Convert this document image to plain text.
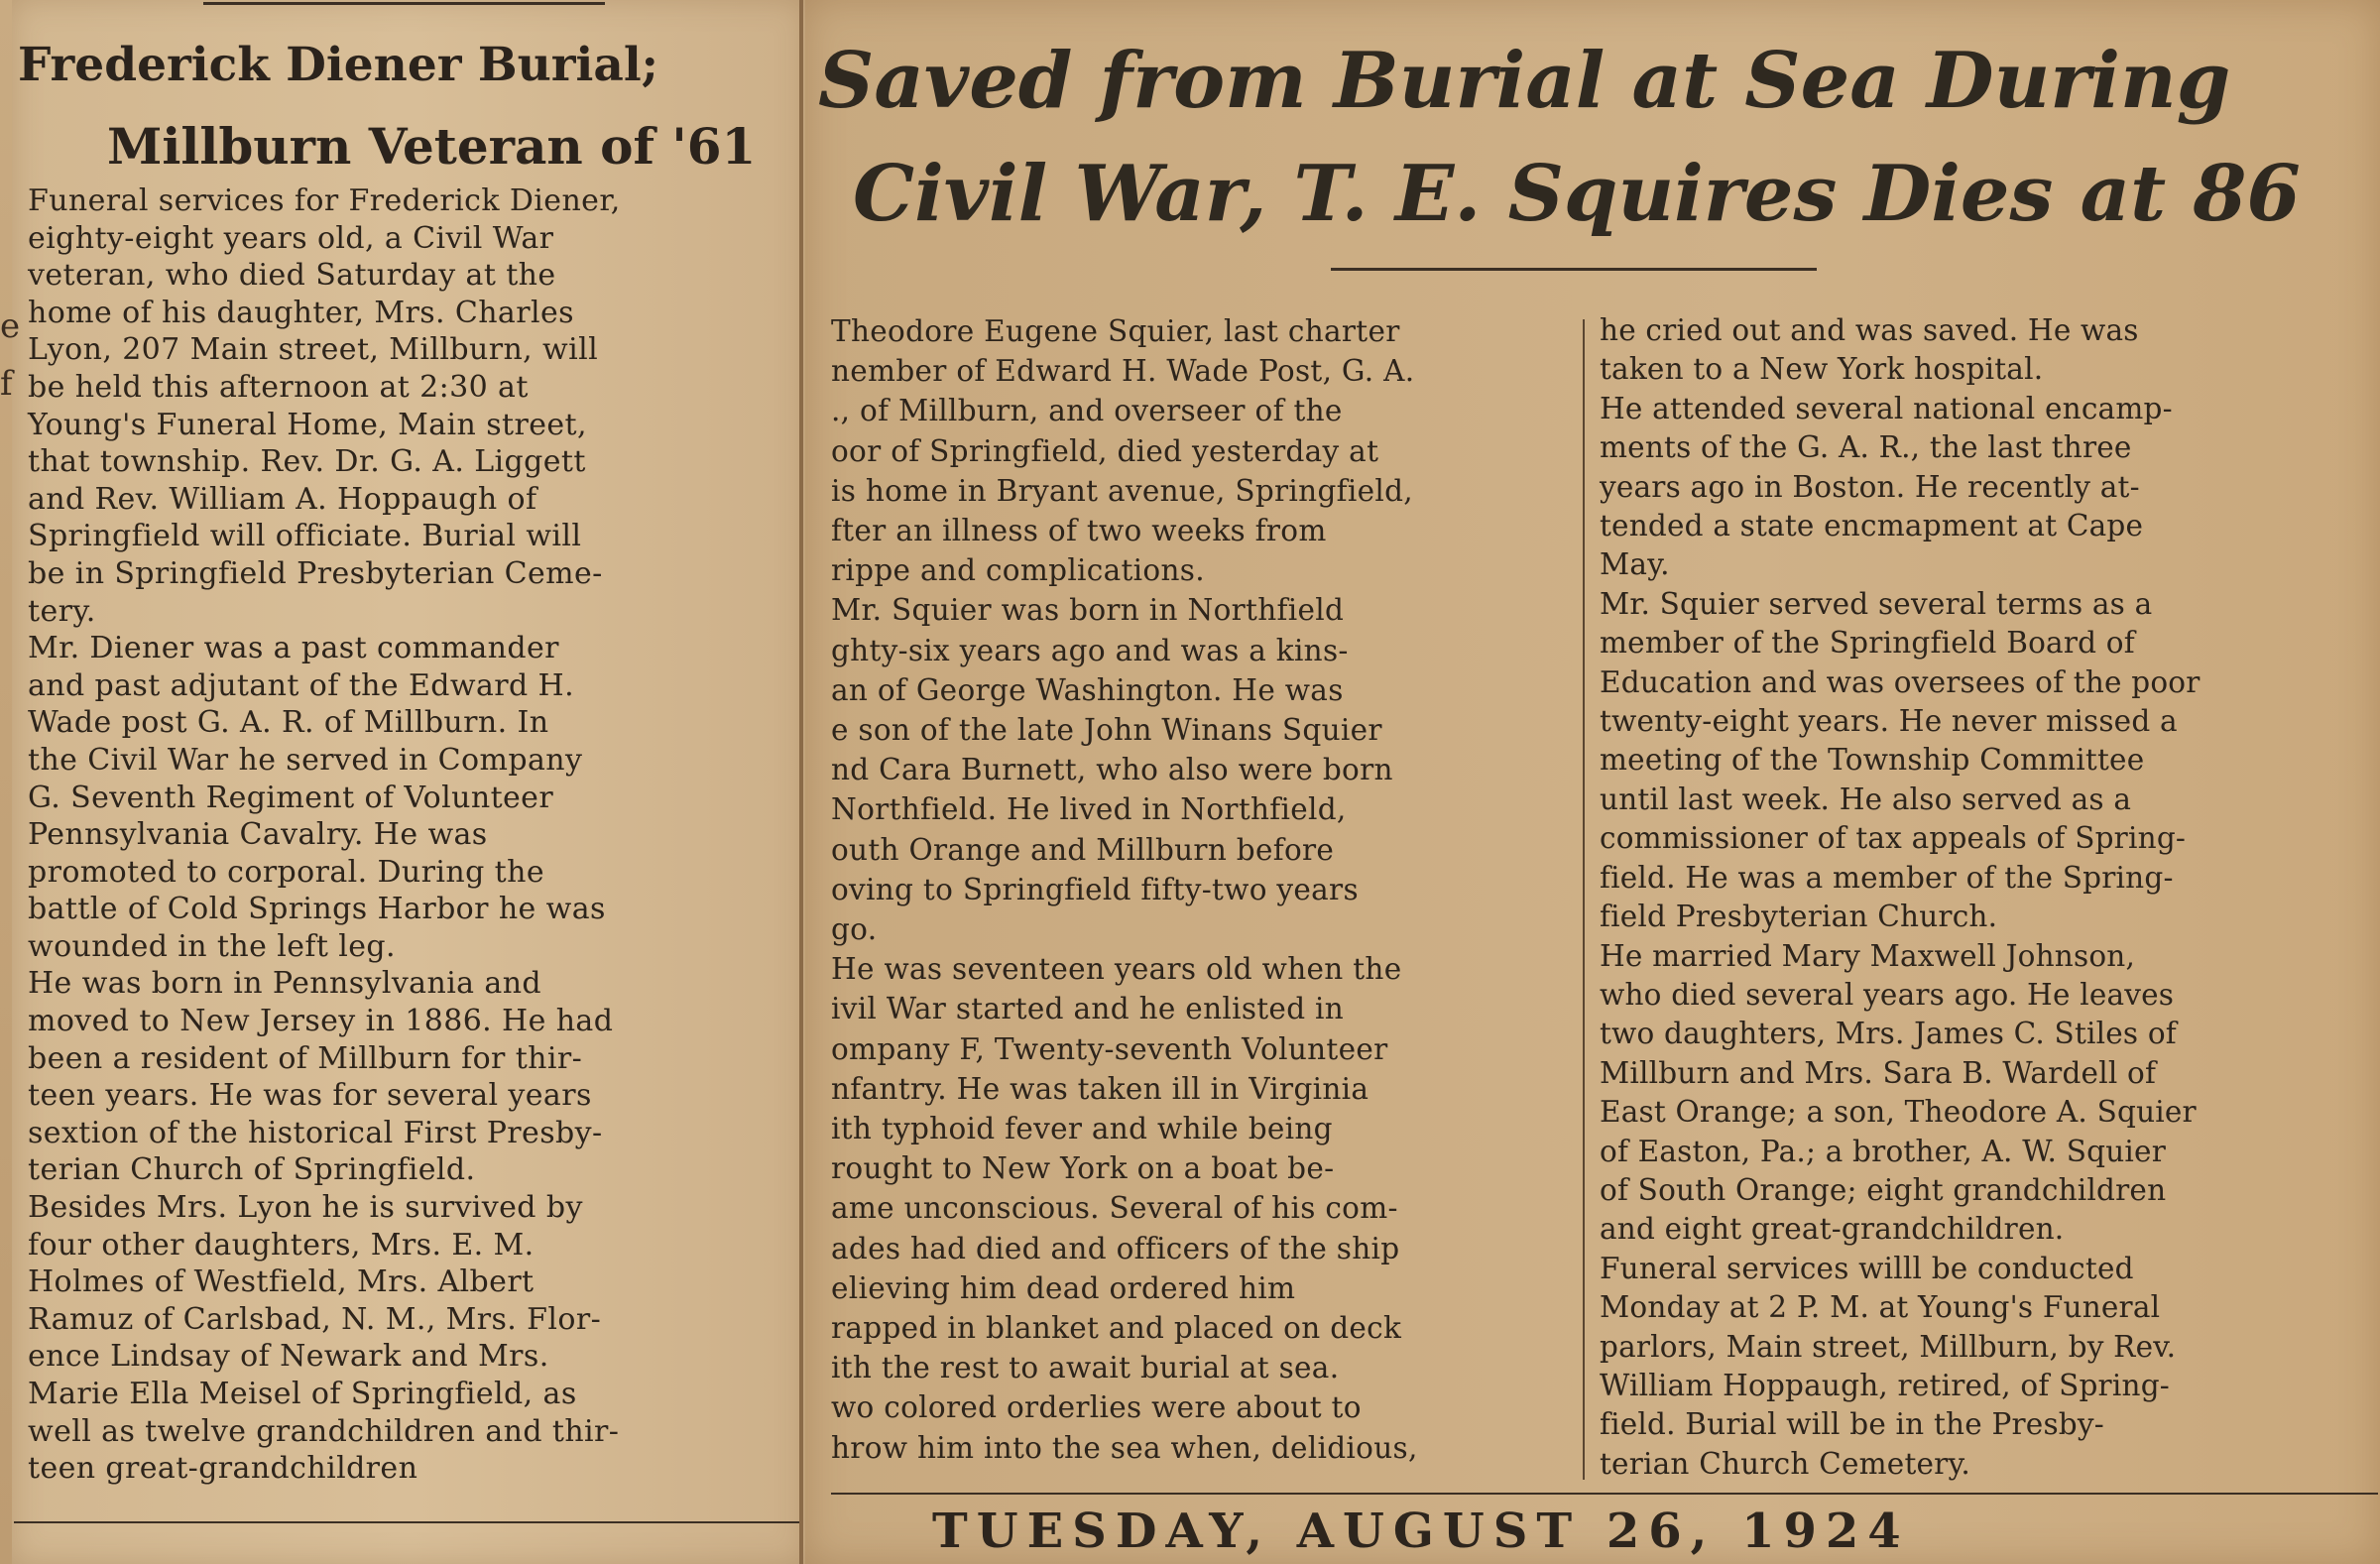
e f
Frederick Diener Burial;
Millburn Veteran of '61

Funeral services for Frederick Diener,

eighty-eight years old, a Civil War

veteran, who died Saturday at the

home of his daughter, Mrs. Charles

Lyon, 207 Main street, Millburn, will

be held this afternoon at 2:30 at

Young's Funeral Home, Main street,

that township. Rev. Dr. G. A. Liggett

and Rev. William A. Hoppaugh of

Springfield will officiate. Burial will

be in Springfield Presbyterian Ceme-

tery.

Mr. Diener was a past commander

and past adjutant of the Edward H.

Wade post G. A. R. of Millburn. In

the Civil War he served in Company

G. Seventh Regiment of Volunteer

Pennsylvania Cavalry. He was

promoted to corporal. During the

battle of Cold Springs Harbor he was

wounded in the left leg.

He was born in Pennsylvania and

moved to New Jersey in 1886. He had

been a resident of Millburn for thir-

teen years. He was for several years

sextion of the historical First Presby-

terian Church of Springfield.

Besides Mrs. Lyon he is survived by

four other daughters, Mrs. E. M.

Holmes of Westfield, Mrs. Albert

Ramuz of Carlsbad, N. M., Mrs. Flor-

ence Lindsay of Newark and Mrs.

Marie Ella Meisel of Springfield, as

well as twelve grandchildren and thir-

teen great-grandchildren

Saved from Burial at Sea During
Civil War, T. E. Squires Dies at 86

Theodore Eugene Squier, last charter

nember of Edward H. Wade Post, G. A.

., of Millburn, and overseer of the

oor of Springfield, died yesterday at

is home in Bryant avenue, Springfield,

fter an illness of two weeks from

rippe and complications.

Mr. Squier was born in Northfield

ghty-six years ago and was a kins-

an of George Washington. He was

e son of the late John Winans Squier

nd Cara Burnett, who also were born

Northfield. He lived in Northfield,

outh Orange and Millburn before

oving to Springfield fifty-two years

go.

He was seventeen years old when the

ivil War started and he enlisted in

ompany F, Twenty-seventh Volunteer

nfantry. He was taken ill in Virginia

ith typhoid fever and while being

rought to New York on a boat be-

ame unconscious. Several of his com-

ades had died and officers of the ship

elieving him dead ordered him

rapped in blanket and placed on deck

ith the rest to await burial at sea.

wo colored orderlies were about to

hrow him into the sea when, delidious,

he cried out and was saved. He was

taken to a New York hospital.

He attended several national encamp-

ments of the G. A. R., the last three

years ago in Boston. He recently at-

tended a state encmapment at Cape

May.

Mr. Squier served several terms as a

member of the Springfield Board of

Education and was oversees of the poor

twenty-eight years. He never missed a

meeting of the Township Committee

until last week. He also served as a

commissioner of tax appeals of Spring-

field. He was a member of the Spring-

field Presbyterian Church.

He married Mary Maxwell Johnson,

who died several years ago. He leaves

two daughters, Mrs. James C. Stiles of

Millburn and Mrs. Sara B. Wardell of

East Orange; a son, Theodore A. Squier

of Easton, Pa.; a brother, A. W. Squier

of South Orange; eight grandchildren

and eight great-grandchildren.

Funeral services willl be conducted

Monday at 2 P. M. at Young's Funeral

parlors, Main street, Millburn, by Rev.

William Hoppaugh, retired, of Spring-

field. Burial will be in the Presby-

terian Church Cemetery.

TUESDAY, AUGUST 26, 1924
